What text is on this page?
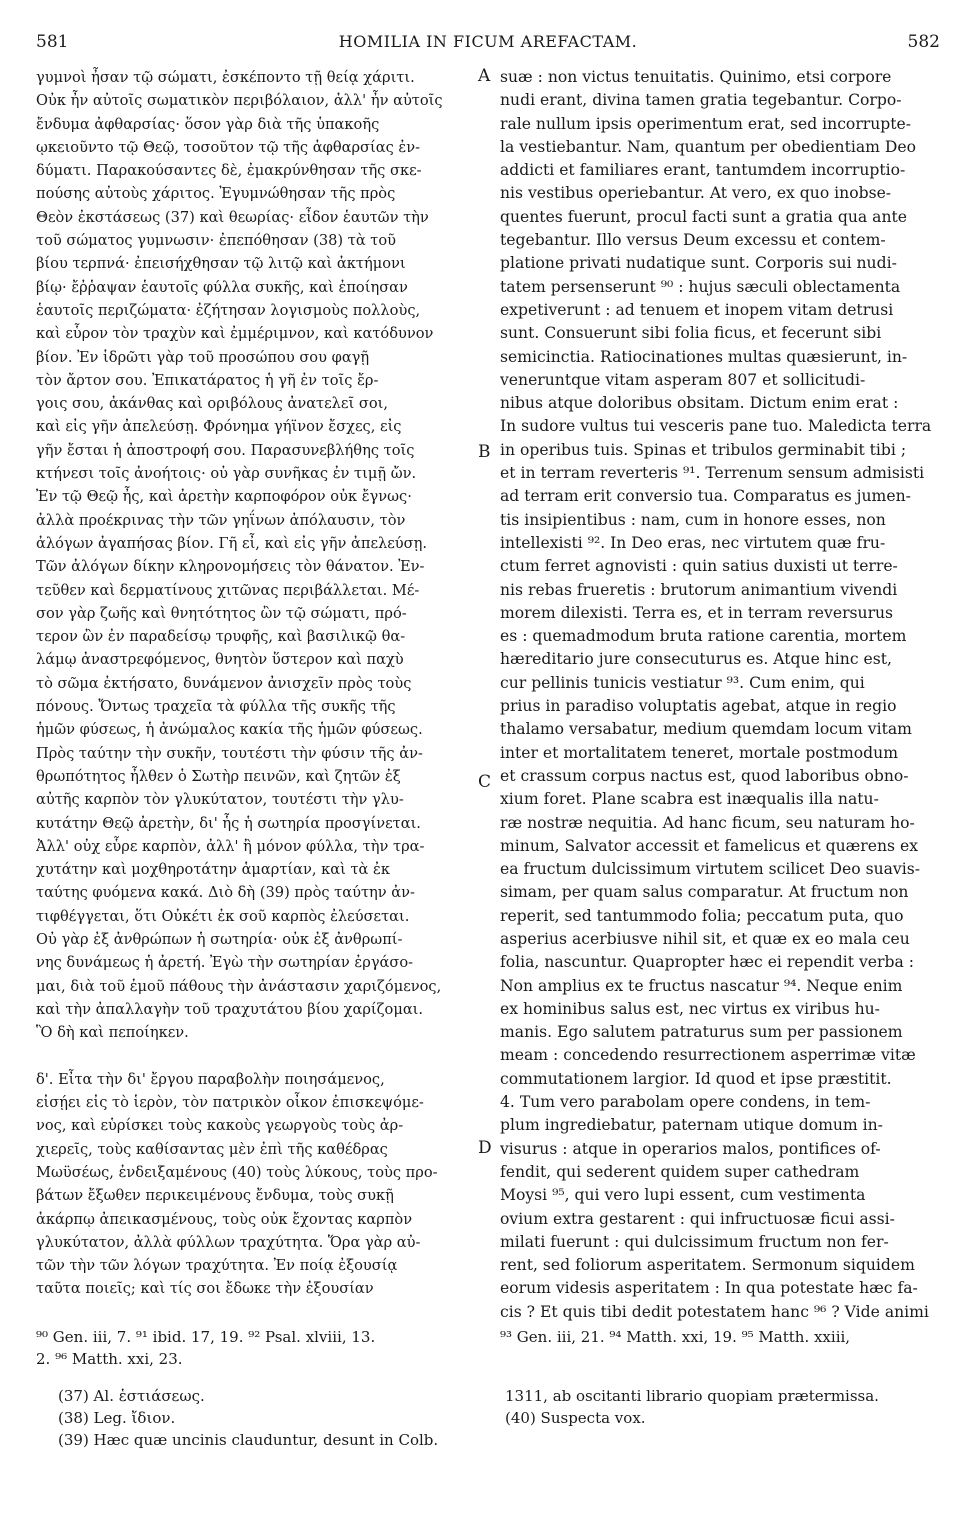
581	HOMILIA IN FICUM AREFACTAM.	582
γυμνοὶ ἦσαν τῷ σώματι, ἐσκέποντο τῇ θείᾳ χάριτι.
Οὐκ ἦν αὐτοῖς σωματικὸν περιβόλαιον, ἀλλ' ἦν αὐτοῖς
ἔνδυμα ἀφθαρσίας· ὅσον γὰρ διὰ τῆς ὑπακοῆς
ῳκειοῦντο τῷ Θεῷ, τοσοῦτον τῷ τῆς ἀφθαρσίας ἐν-
δύματι. Παρακούσαντες δὲ, ἐμακρύνθησαν τῆς σκε-
πούσης αὐτοὺς χάριτος. Ἐγυμνώθησαν τῆς πρὸς
Θεὸν ἐκστάσεως (37) καὶ θεωρίας· εἶδον ἑαυτῶν τὴν
τοῦ σώματος γυμνωσιν· ἐπεπόθησαν (38) τὰ τοῦ
βίου τερπνά· ἐπεισήχθησαν τῷ λιτῷ καὶ ἀκτήμονι
βίῳ· ἔῤῥαψαν ἑαυτοῖς φύλλα συκῆς, καὶ ἐποίησαν
ἑαυτοῖς περιζώματα· ἐζήτησαν λογισμοὺς πολλοὺς,
καὶ εὗρον τὸν τραχὺν καὶ ἐμμέριμνον, καὶ κατόδυνον
βίον. Ἐν ἱδρῶτι γὰρ τοῦ προσώπου σου φαγῇ
τὸν ἄρτον σου. Ἐπικατάρατος ἡ γῆ ἐν τοῖς ἔρ-
γοις σου, ἀκάνθας καὶ οριβόλους ἀνατελεῖ σοι,
καὶ εἰς γῆν ἀπελεύσῃ. Φρόνημα γήϊνον ἔσχες, εἰς
γῆν ἔσται ἡ ἀποστροφή σου. Παρασυνεβλήθης τοῖς
κτήνεσι τοῖς ἀνοήτοις· οὐ γὰρ συνῆκας ἐν τιμῇ ὤν.
Ἐν τῷ Θεῷ ἦς, καὶ ἀρετὴν καρποφόρον οὐκ ἔγνως·
ἀλλὰ προέκρινας τὴν τῶν γηΐνων ἀπόλαυσιν, τὸν
ἀλόγων ἀγαπήσας βίον. Γῆ εἶ, καὶ εἰς γῆν ἀπελεύσῃ.
Τῶν ἀλόγων δίκην κληρονομήσεις τὸν θάνατον. Ἐν-
τεῦθεν καὶ δερματίνους χιτῶνας περιβάλλεται. Μέ-
σον γὰρ ζωῆς καὶ θνητότητος ὢν τῷ σώματι, πρό-
τερον ὢν ἐν παραδείσῳ τρυφῆς, καὶ βασιλικῷ θα-
λάμῳ ἀναστρεφόμενος, θνητὸν ὕστερον καὶ παχὺ
τὸ σῶμα ἐκτήσατο, δυνάμενον ἀνισχεῖν πρὸς τοὺς
πόνους. Ὄντως τραχεῖα τὰ φύλλα τῆς συκῆς τῆς
ἡμῶν φύσεως, ἡ ἀνώμαλος κακία τῆς ἡμῶν φύσεως.
Πρὸς ταύτην τὴν συκῆν, τουτέστι τὴν φύσιν τῆς ἀν-
θρωπότητος ἦλθεν ὁ Σωτὴρ πεινῶν, καὶ ζητῶν ἐξ
αὐτῆς καρπὸν τὸν γλυκύτατον, τουτέστι τὴν γλυ-
κυτάτην Θεῷ ἀρετὴν, δι' ἧς ἡ σωτηρία προσγίνεται.
Ἀλλ' οὐχ εὗρε καρπὸν, ἀλλ' ἢ μόνον φύλλα, τὴν τρα-
χυτάτην καὶ μοχθηροτάτην ἁμαρτίαν, καὶ τὰ ἐκ
ταύτης φυόμενα κακά. Διὸ δὴ (39) πρὸς ταύτην ἀν-
τιφθέγγεται, ὅτι Οὐκέτι ἐκ σοῦ καρπὸς ἐλεύσεται.
Οὐ γὰρ ἐξ ἀνθρώπων ἡ σωτηρία· οὐκ ἐξ ἀνθρωπί-
νης δυνάμεως ἡ ἀρετή. Ἐγὼ τὴν σωτηρίαν ἐργάσο-
μαι, διὰ τοῦ ἐμοῦ πάθους τὴν ἀνάστασιν χαριζόμενος,
καὶ τὴν ἀπαλλαγὴν τοῦ τραχυτάτου βίου χαρίζομαι.
Ὃ δὴ καὶ πεποίηκεν.
δ'. Εἶτα τὴν δι' ἔργου παραβολὴν ποιησάμενος,
εἰσῄει εἰς τὸ ἱερὸν, τὸν πατρικὸν οἶκον ἐπισκεψόμε-
νος, καὶ εὑρίσκει τοὺς κακοὺς γεωργοὺς τοὺς ἀρ-
χιερεῖς, τοὺς καθίσαντας μὲν ἐπὶ τῆς καθέδρας
Μωϋσέως, ἐνδειξαμένους (40) τοὺς λύκους, τοὺς προ-
βάτων ἔξωθεν περικειμένους ἔνδυμα, τοὺς συκῇ
ἀκάρπῳ ἀπεικασμένους, τοὺς οὐκ ἔχοντας καρπὸν
γλυκύτατον, ἀλλὰ φύλλων τραχύτητα. Ὅρα γὰρ αὐ-
τῶν τὴν τῶν λόγων τραχύτητα. Ἐν ποίᾳ ἐξουσίᾳ
ταῦτα ποιεῖς; καὶ τίς σοι ἔδωκε τὴν ἐξουσίαν
suæ : non victus tenuitatis. Quinimo, etsi corpore
nudi erant, divina tamen gratia tegebantur. Corpo-
rale nullum ipsis operimentum erat, sed incorrupte-
la vestiebantur. Nam, quantum per obedientiam Deo
addicti et familiares erant, tantumdem incorruptio-
nis vestibus operiebantur. At vero, ex quo inobse-
quentes fuerunt, procul facti sunt a gratia qua ante
tegebantur. Illo versus Deum excessu et contem-
platione privati nudatique sunt. Corporis sui nudi-
tatem persenserunt ⁹⁰ : hujus sæculi oblectamenta
expetiverunt : ad tenuem et inopem vitam detrusi
sunt. Consuerunt sibi folia ficus, et fecerunt sibi
semicinctia. Ratiocinationes multas quæsierunt, in-
veneruntque vitam asperam 807 et sollicitudi-
nibus atque doloribus obsitam. Dictum enim erat :
In sudore vultus tui vesceris pane tuo. Maledicta terra
in operibus tuis. Spinas et tribulos germinabit tibi ;
et in terram reverteris ⁹¹. Terrenum sensum admisisti
ad terram erit conversio tua. Comparatus es jumen-
tis insipientibus : nam, cum in honore esses, non
intellexisti ⁹². In Deo eras, nec virtutem quæ fru-
ctum ferret agnovisti : quin satius duxisti ut terre-
nis rebas frueretis : brutorum animantium vivendi
morem dilexisti. Terra es, et in terram reversurus
es : quemadmodum bruta ratione carentia, mortem
hæreditario jure consecuturus es. Atque hinc est,
cur pellinis tunicis vestiatur ⁹³. Cum enim, qui
prius in paradiso voluptatis agebat, atque in regio
thalamo versabatur, medium quemdam locum vitam
inter et mortalitatem teneret, mortale postmodum
et crassum corpus nactus est, quod laboribus obno-
xium foret. Plane scabra est inæqualis illa natu-
ræ nostræ nequitia. Ad hanc ficum, seu naturam ho-
minum, Salvator accessit et famelicus et quærens ex
ea fructum dulcissimum virtutem scilicet Deo suavis-
simam, per quam salus comparatur. At fructum non
reperit, sed tantummodo folia; peccatum puta, quo
asperius acerbiusve nihil sit, et quæ ex eo mala ceu
folia, nascuntur. Quapropter hæc ei rependit verba :
Non amplius ex te fructus nascatur ⁹⁴. Neque enim
ex hominibus salus est, nec virtus ex viribus hu-
manis. Ego salutem patraturus sum per passionem
meam : concedendo resurrectionem asperrimæ vitæ
commutationem largior. Id quod et ipse præstitit.
4. Tum vero parabolam opere condens, in tem-
plum ingrediebatur, paternam utique domum in-
visurus : atque in operarios malos, pontifices of-
fendit, qui sederent quidem super cathedram
Moysi ⁹⁵, qui vero lupi essent, cum vestimenta
ovium extra gestarent : qui infructuosæ ficui assi-
milati fuerunt : qui dulcissimum fructum non fer-
rent, sed foliorum asperitatem. Sermonum siquidem
eorum videsis asperitatem : In qua potestate hæc fa-
cis ? Et quis tibi dedit potestatem hanc ⁹⁶ ? Vide animi
A
B
C
D
⁹⁰ Gen. iii, 7. ⁹¹ ibid. 17, 19. ⁹² Psal. xlviii, 13.
2. ⁹⁶ Matth. xxi, 23.
⁹³ Gen. iii, 21. ⁹⁴ Matth. xxi, 19. ⁹⁵ Matth. xxiii,
(37) Al. ἑστιάσεως.
(38) Leg. ἴδιον.
(39) Hæc quæ uncinis clauduntur, desunt in Colb.
1311, ab oscitanti librario quopiam prætermissa.
(40) Suspecta vox.
